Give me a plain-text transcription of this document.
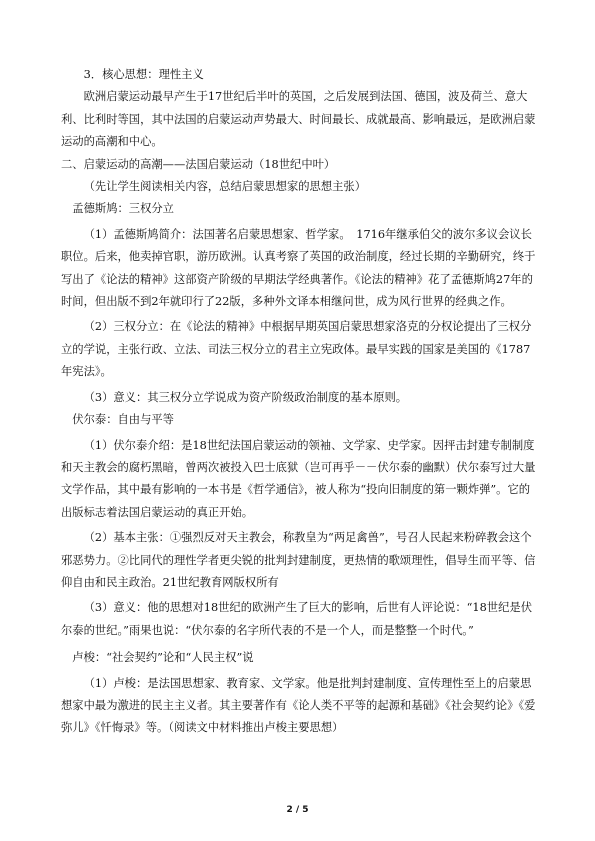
3．核心思想：理性主义

欧洲启蒙运动最早产生于17世纪后半叶的英国，之后发展到法国、德国，波及荷兰、意大利、比利时等国，其中法国的启蒙运动声势最大、时间最长、成就最高、影响最远，是欧洲启蒙运动的高潮和中心。

二、启蒙运动的高潮——法国启蒙运动（18世纪中叶）

（先让学生阅读相关内容，总结启蒙思想家的思想主张）

孟德斯鸠：三权分立

（1）孟德斯鸠简介：法国著名启蒙思想家、哲学家。　1716年继承伯父的波尔多议会议长职位。后来，他卖掉官职，游历欧洲。认真考察了英国的政治制度，经过长期的辛勤研究，终于写出了《论法的精神》这部资产阶级的早期法学经典著作。《论法的精神》花了孟德斯鸠27年的时间，但出版不到2年就印行了22版，多种外文译本相继问世，成为风行世界的经典之作。

（2）三权分立：在《论法的精神》中根据早期英国启蒙思想家洛克的分权论提出了三权分立的学说，主张行政、立法、司法三权分立的君主立宪政体。最早实践的国家是美国的《1787年宪法》。

（3）意义：其三权分立学说成为资产阶级政治制度的基本原则。

伏尔泰：自由与平等

（1）伏尔泰介绍：是18世纪法国启蒙运动的领袖、文学家、史学家。因抨击封建专制制度和天主教会的腐朽黑暗，曾两次被投入巴士底狱（岂可再乎－－伏尔泰的幽默）伏尔泰写过大量文学作品，其中最有影响的一本书是《哲学通信》，被人称为“投向旧制度的第一颗炸弹”。它的出版标志着法国启蒙运动的真正开始。

（2）基本主张：①强烈反对天主教会，称教皇为“两足禽兽”，号召人民起来粉碎教会这个邪恶势力。②比同代的理性学者更尖锐的批判封建制度，更热情的歌颂理性，倡导生而平等、信仰自由和民主政治。21世纪教育网版权所有

（3）意义：他的思想对18世纪的欧洲产生了巨大的影响，后世有人评论说：“18世纪是伏尔泰的世纪。”雨果也说：“伏尔泰的名字所代表的不是一个人，而是整整一个时代。”

卢梭：“社会契约”论和“人民主权”说

（1）卢梭：是法国思想家、教育家、文学家。他是批判封建制度、宣传理性至上的启蒙思想家中最为激进的民主主义者。其主要著作有《论人类不平等的起源和基础》《社会契约论》《爱弥儿》《忏悔录》等。（阅读文中材料推出卢梭主要思想）

2 / 5
